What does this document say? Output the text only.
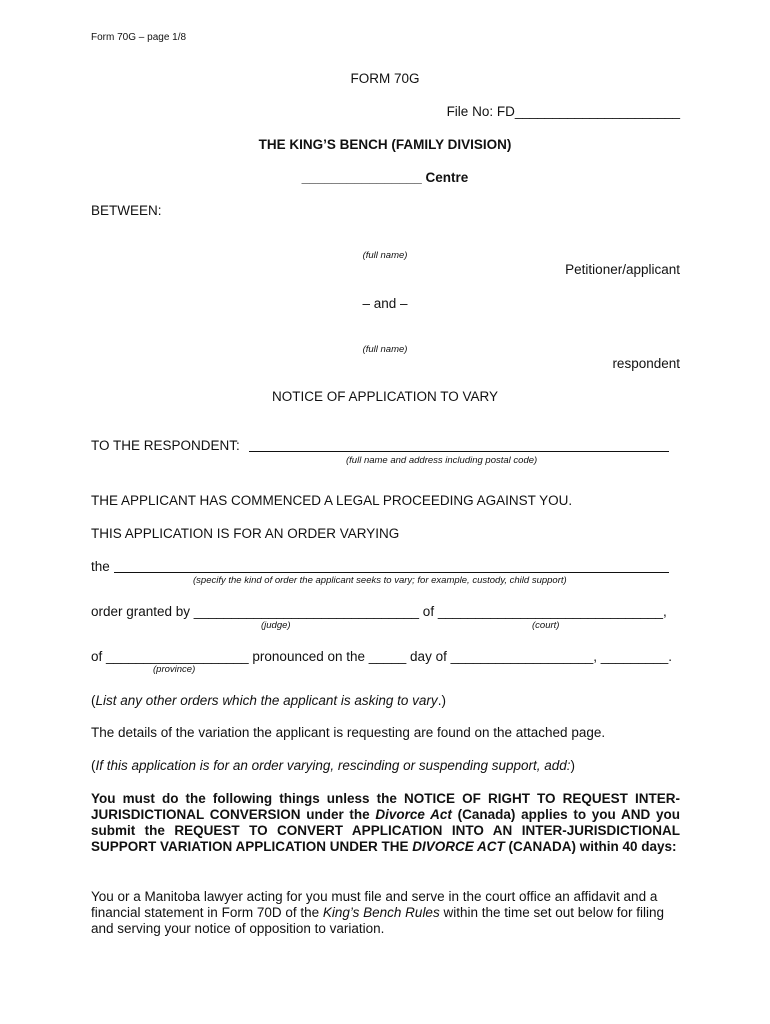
Form 70G – page 1/8
FORM 70G
File No: FD______________________
THE KING’S BENCH (FAMILY DIVISION)
________________ Centre
BETWEEN:
(full name)
Petitioner/applicant
– and –
(full name)
respondent
NOTICE OF APPLICATION TO VARY
TO THE RESPONDENT:
(full name and address including postal code)
THE APPLICANT HAS COMMENCED A LEGAL PROCEEDING AGAINST YOU.
THIS APPLICATION IS FOR AN ORDER VARYING
the
(specify the kind of order the applicant seeks to vary; for example, custody, child support)
order granted by ______________________________ of ______________________________,
(judge)	(court)
of ___________________ pronounced on the _____ day of ___________________, _________.
(province)
(List any other orders which the applicant is asking to vary.)
The details of the variation the applicant is requesting are found on the attached page.
(If this application is for an order varying, rescinding or suspending support, add:)
You must do the following things unless the NOTICE OF RIGHT TO REQUEST INTER-JURISDICTIONAL CONVERSION under the Divorce Act (Canada) applies to you AND you submit the REQUEST TO CONVERT APPLICATION INTO AN INTER-JURISDICTIONAL SUPPORT VARIATION APPLICATION UNDER THE DIVORCE ACT (CANADA) within 40 days:
You or a Manitoba lawyer acting for you must file and serve in the court office an affidavit and a financial statement in Form 70D of the King’s Bench Rules within the time set out below for filing and serving your notice of opposition to variation.
